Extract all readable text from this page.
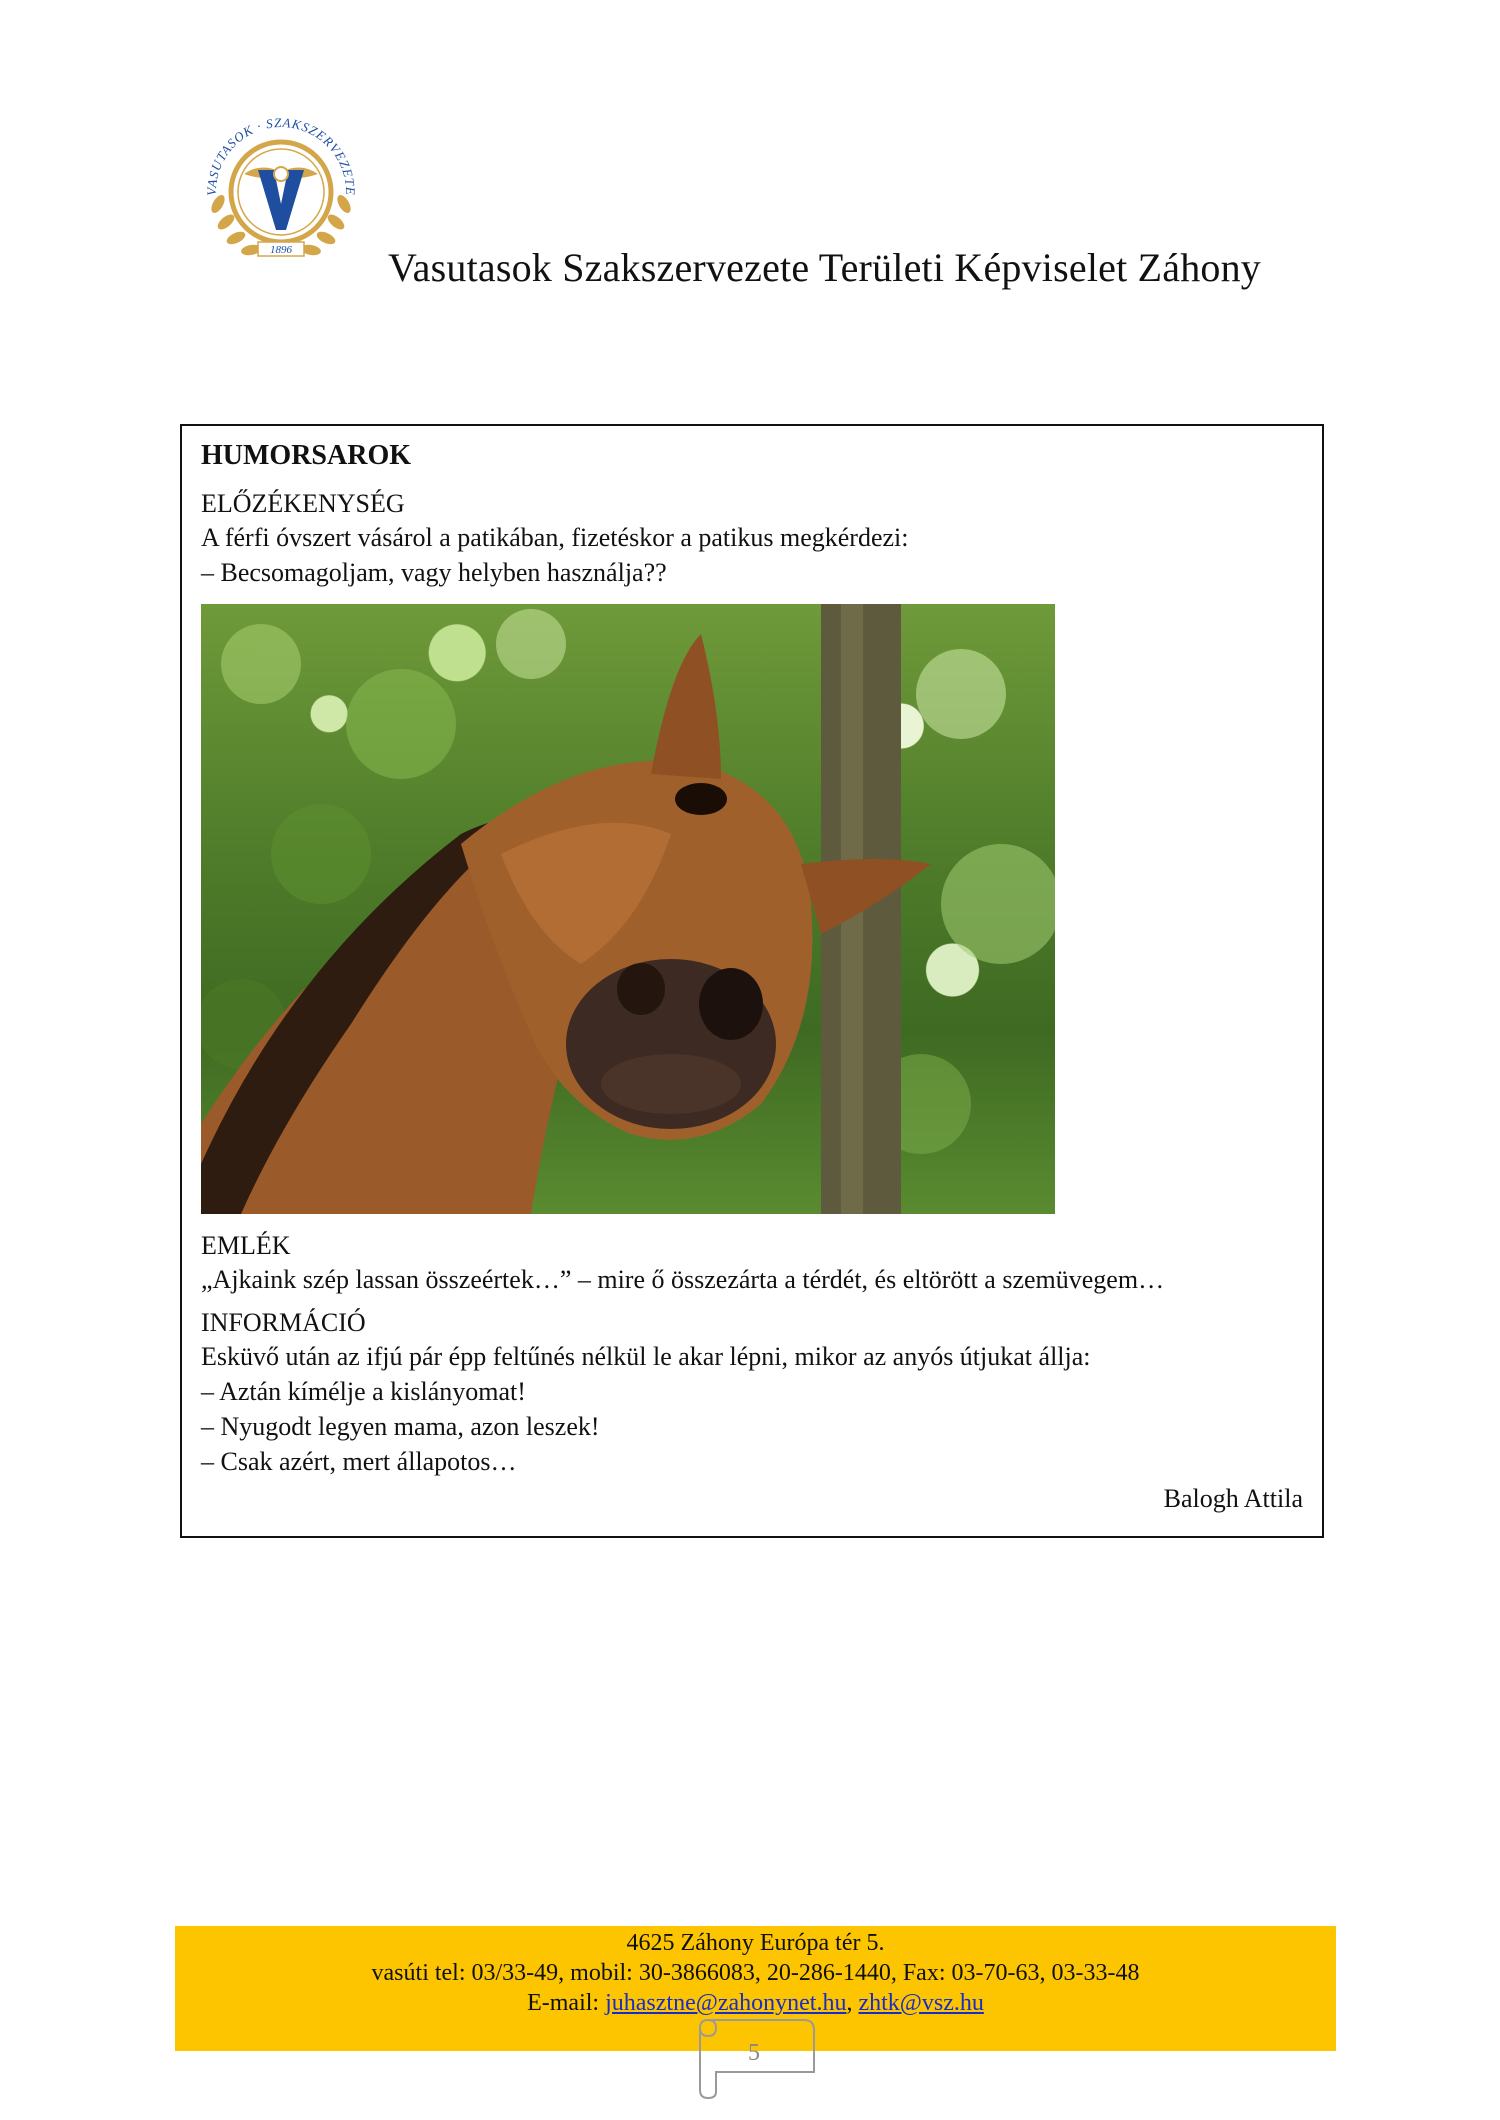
1896
VASUTASOK · SZAKSZERVEZETE
Vasutasok Szakszervezete Területi Képviselet Záhony
HUMORSAROK
ELŐZÉKENYSÉG
A férfi óvszert vásárol a patikában, fizetéskor a patikus megkérdezi:
– Becsomagoljam, vagy helyben használja??
EMLÉK
„Ajkaink szép lassan összeértek…” – mire ő összezárta a térdét, és eltörött a szemüvegem…
INFORMÁCIÓ
Esküvő után az ifjú pár épp feltűnés nélkül le akar lépni, mikor az anyós útjukat állja:
– Aztán kímélje a kislányomat!
– Nyugodt legyen mama, azon leszek!
– Csak azért, mert állapotos…
Balogh Attila
4625 Záhony Európa tér 5.
vasúti tel: 03/33-49, mobil: 30-3866083, 20-286-1440, Fax: 03-70-63, 03-33-48
E-mail: juhasztne@zahonynet.hu, zhtk@vsz.hu
5
